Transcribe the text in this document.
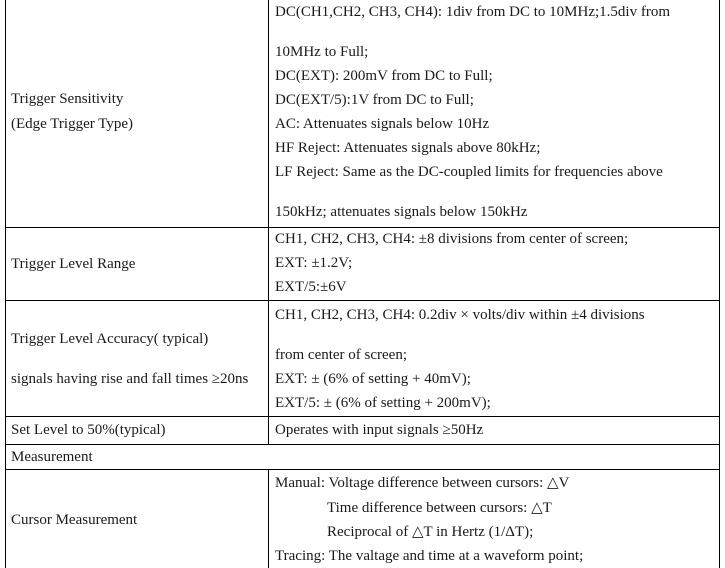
Trigger Sensitivity
(Edge Trigger Type)
DC(CH1,CH2, CH3, CH4): 1div from DC to 10MHz;1.5div from
10MHz to Full;
DC(EXT): 200mV from DC to Full;
DC(EXT/5):1V from DC to Full;
AC: Attenuates signals below 10Hz
HF Reject: Attenuates signals above 80kHz;
LF Reject: Same as the DC-coupled limits for frequencies above
150kHz; attenuates signals below 150kHz
Trigger Level Range
CH1, CH2, CH3, CH4: ±8 divisions from center of screen;
EXT: ±1.2V;
EXT/5:±6V
Trigger Level Accuracy( typical)
signals having rise and fall times ≥20ns
CH1, CH2, CH3, CH4: 0.2div × volts/div within ±4 divisions
from center of screen;
EXT: ± (6% of setting + 40mV);
EXT/5: ± (6% of setting + 200mV);
Set Level to 50%(typical)	Operates with input signals ≥50Hz
Measurement
Cursor Measurement
Manual: Voltage difference between cursors: △V
Time difference between cursors: △T
Reciprocal of △T in Hertz (1/ΔT);
Tracing: The valtage and time at a waveform point;
